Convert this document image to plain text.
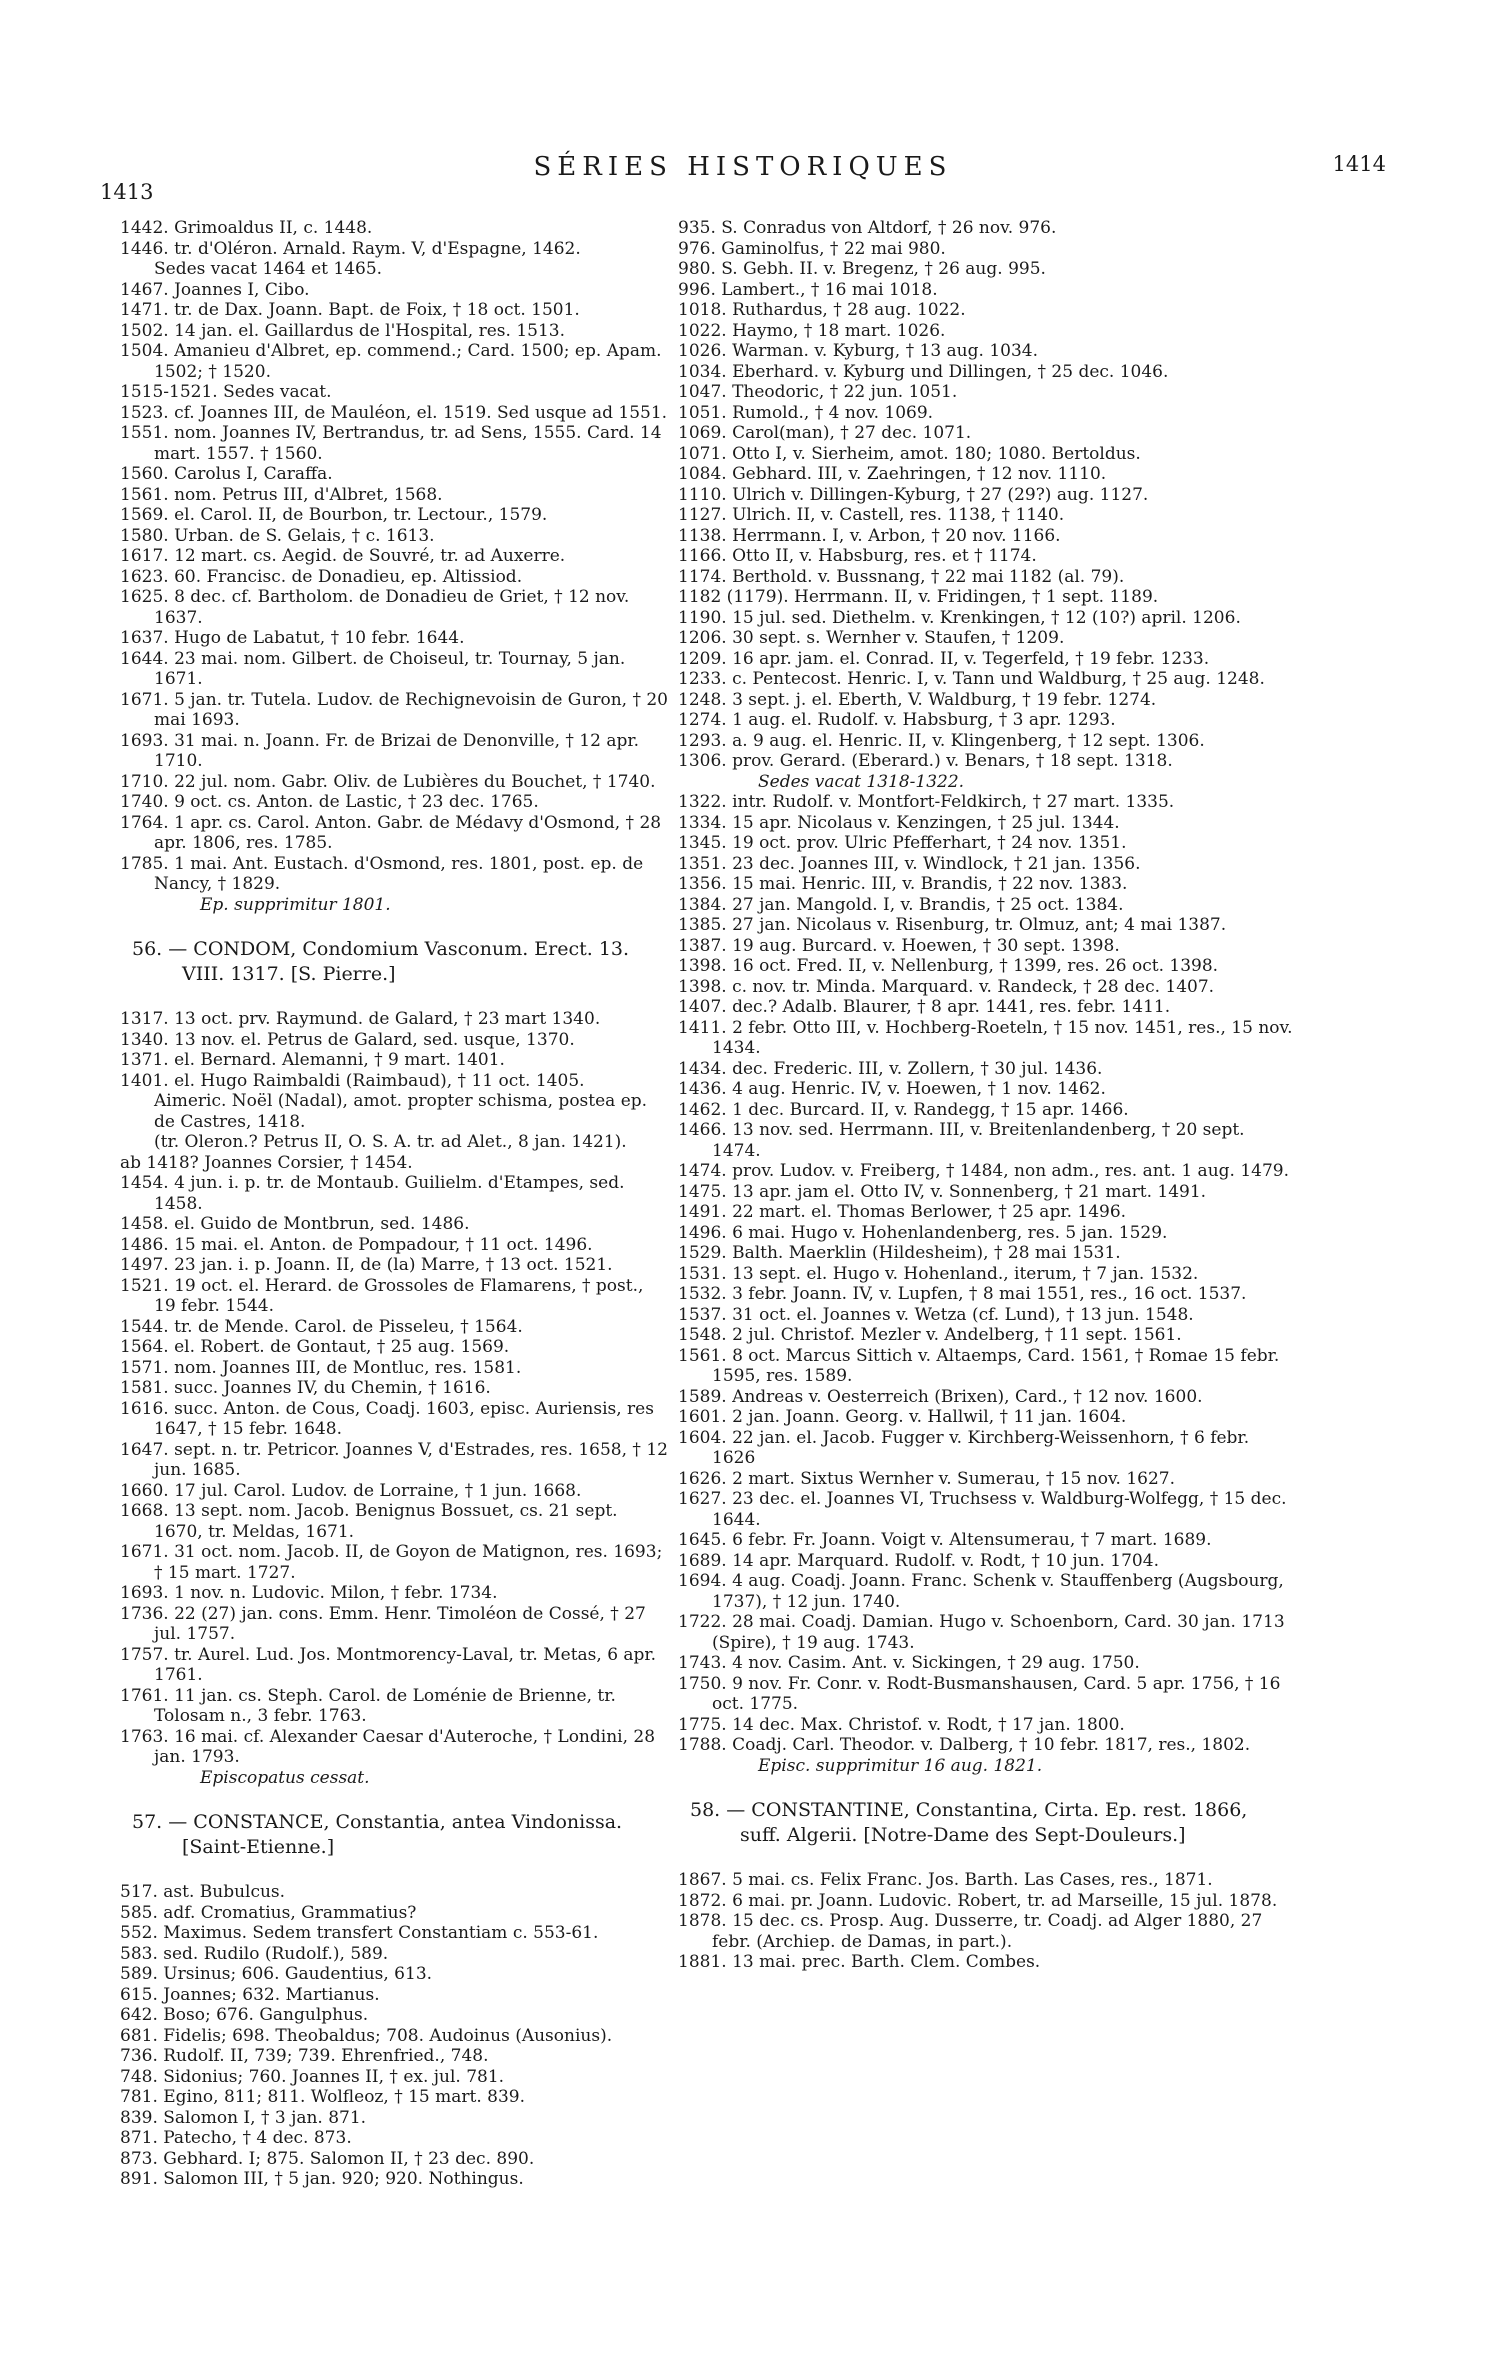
1413
SÉRIES HISTORIQUES	1414

1442. Grimoaldus II, c. 1448.

1446. tr. d'Oléron. Arnald. Raym. V, d'Espagne, 1462.

Sedes vacat 1464 et 1465.

1467. Joannes I, Cibo.

1471. tr. de Dax. Joann. Bapt. de Foix, † 18 oct. 1501.

1502. 14 jan. el. Gaillardus de l'Hospital, res. 1513.

1504. Amanieu d'Albret, ep. commend.; Card. 1500; ep. Apam. 1502; † 1520.

1515-1521. Sedes vacat.

1523. cf. Joannes III, de Mauléon, el. 1519. Sed usque ad 1551.

1551. nom. Joannes IV, Bertrandus, tr. ad Sens, 1555. Card. 14 mart. 1557. † 1560.

1560. Carolus I, Caraffa.

1561. nom. Petrus III, d'Albret, 1568.

1569. el. Carol. II, de Bourbon, tr. Lectour., 1579.

1580. Urban. de S. Gelais, † c. 1613.

1617. 12 mart. cs. Aegid. de Souvré, tr. ad Auxerre.

1623. 60. Francisc. de Donadieu, ep. Altissiod.

1625. 8 dec. cf. Bartholom. de Donadieu de Griet, † 12 nov. 1637.

1637. Hugo de Labatut, † 10 febr. 1644.

1644. 23 mai. nom. Gilbert. de Choiseul, tr. Tournay, 5 jan. 1671.

1671. 5 jan. tr. Tutela. Ludov. de Rechignevoisin de Guron, † 20 mai 1693.

1693. 31 mai. n. Joann. Fr. de Brizai de Denonville, † 12 apr. 1710.

1710. 22 jul. nom. Gabr. Oliv. de Lubières du Bouchet, † 1740.

1740. 9 oct. cs. Anton. de Lastic, † 23 dec. 1765.

1764. 1 apr. cs. Carol. Anton. Gabr. de Médavy d'Osmond, † 28 apr. 1806, res. 1785.

1785. 1 mai. Ant. Eustach. d'Osmond, res. 1801, post. ep. de Nancy, † 1829.

Ep. supprimitur 1801.

56. — CONDOM, Condomium Vasconum. Erect. 13. VIII. 1317. [S. Pierre.]

1317. 13 oct. prv. Raymund. de Galard, † 23 mart 1340.

1340. 13 nov. el. Petrus de Galard, sed. usque, 1370.

1371. el. Bernard. Alemanni, † 9 mart. 1401.

1401. el. Hugo Raimbaldi (Raimbaud), † 11 oct. 1405.

Aimeric. Noël (Nadal), amot. propter schisma, postea ep. de Castres, 1418.

(tr. Oleron.? Petrus II, O. S. A. tr. ad Alet., 8 jan. 1421).

ab 1418? Joannes Corsier, † 1454.

1454. 4 jun. i. p. tr. de Montaub. Guilielm. d'Etampes, sed. 1458.

1458. el. Guido de Montbrun, sed. 1486.

1486. 15 mai. el. Anton. de Pompadour, † 11 oct. 1496.

1497. 23 jan. i. p. Joann. II, de (la) Marre, † 13 oct. 1521.

1521. 19 oct. el. Herard. de Grossoles de Flamarens, † post., 19 febr. 1544.

1544. tr. de Mende. Carol. de Pisseleu, † 1564.

1564. el. Robert. de Gontaut, † 25 aug. 1569.

1571. nom. Joannes III, de Montluc, res. 1581.

1581. succ. Joannes IV, du Chemin, † 1616.

1616. succ. Anton. de Cous, Coadj. 1603, episc. Auriensis, res 1647, † 15 febr. 1648.

1647. sept. n. tr. Petricor. Joannes V, d'Estrades, res. 1658, † 12 jun. 1685.

1660. 17 jul. Carol. Ludov. de Lorraine, † 1 jun. 1668.

1668. 13 sept. nom. Jacob. Benignus Bossuet, cs. 21 sept. 1670, tr. Meldas, 1671.

1671. 31 oct. nom. Jacob. II, de Goyon de Matignon, res. 1693; † 15 mart. 1727.

1693. 1 nov. n. Ludovic. Milon, † febr. 1734.

1736. 22 (27) jan. cons. Emm. Henr. Timoléon de Cossé, † 27 jul. 1757.

1757. tr. Aurel. Lud. Jos. Montmorency-Laval, tr. Metas, 6 apr. 1761.

1761. 11 jan. cs. Steph. Carol. de Loménie de Brienne, tr. Tolosam n., 3 febr. 1763.

1763. 16 mai. cf. Alexander Caesar d'Auteroche, † Londini, 28 jan. 1793.

Episcopatus cessat.

57. — CONSTANCE, Constantia, antea Vindonissa. [Saint-Etienne.]

517. ast. Bubulcus.

585. adf. Cromatius, Grammatius?

552. Maximus. Sedem transfert Constantiam c. 553-61.

583. sed. Rudilo (Rudolf.), 589.

589. Ursinus; 606. Gaudentius, 613.

615. Joannes; 632. Martianus.

642. Boso; 676. Gangulphus.

681. Fidelis; 698. Theobaldus; 708. Audoinus (Ausonius).

736. Rudolf. II, 739; 739. Ehrenfried., 748.

748. Sidonius; 760. Joannes II, † ex. jul. 781.

781. Egino, 811; 811. Wolfleoz, † 15 mart. 839.

839. Salomon I, † 3 jan. 871.

871. Patecho, † 4 dec. 873.

873. Gebhard. I; 875. Salomon II, † 23 dec. 890.

891. Salomon III, † 5 jan. 920; 920. Nothingus.

935. S. Conradus von Altdorf, † 26 nov. 976.

976. Gaminolfus, † 22 mai 980.

980. S. Gebh. II. v. Bregenz, † 26 aug. 995.

996. Lambert., † 16 mai 1018.

1018. Ruthardus, † 28 aug. 1022.

1022. Haymo, † 18 mart. 1026.

1026. Warman. v. Kyburg, † 13 aug. 1034.

1034. Eberhard. v. Kyburg und Dillingen, † 25 dec. 1046.

1047. Theodoric, † 22 jun. 1051.

1051. Rumold., † 4 nov. 1069.

1069. Carol(man), † 27 dec. 1071.

1071. Otto I, v. Sierheim, amot. 180; 1080. Bertoldus.

1084. Gebhard. III, v. Zaehringen, † 12 nov. 1110.

1110. Ulrich v. Dillingen-Kyburg, † 27 (29?) aug. 1127.

1127. Ulrich. II, v. Castell, res. 1138, † 1140.

1138. Herrmann. I, v. Arbon, † 20 nov. 1166.

1166. Otto II, v. Habsburg, res. et † 1174.

1174. Berthold. v. Bussnang, † 22 mai 1182 (al. 79).

1182 (1179). Herrmann. II, v. Fridingen, † 1 sept. 1189.

1190. 15 jul. sed. Diethelm. v. Krenkingen, † 12 (10?) april. 1206.

1206. 30 sept. s. Wernher v. Staufen, † 1209.

1209. 16 apr. jam. el. Conrad. II, v. Tegerfeld, † 19 febr. 1233.

1233. c. Pentecost. Henric. I, v. Tann und Waldburg, † 25 aug. 1248.

1248. 3 sept. j. el. Eberth, V. Waldburg, † 19 febr. 1274.

1274. 1 aug. el. Rudolf. v. Habsburg, † 3 apr. 1293.

1293. a. 9 aug. el. Henric. II, v. Klingenberg, † 12 sept. 1306.

1306. prov. Gerard. (Eberard.) v. Benars, † 18 sept. 1318.

Sedes vacat 1318-1322.

1322. intr. Rudolf. v. Montfort-Feldkirch, † 27 mart. 1335.

1334. 15 apr. Nicolaus v. Kenzingen, † 25 jul. 1344.

1345. 19 oct. prov. Ulric Pfefferhart, † 24 nov. 1351.

1351. 23 dec. Joannes III, v. Windlock, † 21 jan. 1356.

1356. 15 mai. Henric. III, v. Brandis, † 22 nov. 1383.

1384. 27 jan. Mangold. I, v. Brandis, † 25 oct. 1384.

1385. 27 jan. Nicolaus v. Risenburg, tr. Olmuz, ant; 4 mai 1387.

1387. 19 aug. Burcard. v. Hoewen, † 30 sept. 1398.

1398. 16 oct. Fred. II, v. Nellenburg, † 1399, res. 26 oct. 1398.

1398. c. nov. tr. Minda. Marquard. v. Randeck, † 28 dec. 1407.

1407. dec.? Adalb. Blaurer, † 8 apr. 1441, res. febr. 1411.

1411. 2 febr. Otto III, v. Hochberg-Roeteln, † 15 nov. 1451, res., 15 nov. 1434.

1434. dec. Frederic. III, v. Zollern, † 30 jul. 1436.

1436. 4 aug. Henric. IV, v. Hoewen, † 1 nov. 1462.

1462. 1 dec. Burcard. II, v. Randegg, † 15 apr. 1466.

1466. 13 nov. sed. Herrmann. III, v. Breitenlandenberg, † 20 sept. 1474.

1474. prov. Ludov. v. Freiberg, † 1484, non adm., res. ant. 1 aug. 1479.

1475. 13 apr. jam el. Otto IV, v. Sonnenberg, † 21 mart. 1491.

1491. 22 mart. el. Thomas Berlower, † 25 apr. 1496.

1496. 6 mai. Hugo v. Hohenlandenberg, res. 5 jan. 1529.

1529. Balth. Maerklin (Hildesheim), † 28 mai 1531.

1531. 13 sept. el. Hugo v. Hohenland., iterum, † 7 jan. 1532.

1532. 3 febr. Joann. IV, v. Lupfen, † 8 mai 1551, res., 16 oct. 1537.

1537. 31 oct. el. Joannes v. Wetza (cf. Lund), † 13 jun. 1548.

1548. 2 jul. Christof. Mezler v. Andelberg, † 11 sept. 1561.

1561. 8 oct. Marcus Sittich v. Altaemps, Card. 1561, † Romae 15 febr. 1595, res. 1589.

1589. Andreas v. Oesterreich (Brixen), Card., † 12 nov. 1600.

1601. 2 jan. Joann. Georg. v. Hallwil, † 11 jan. 1604.

1604. 22 jan. el. Jacob. Fugger v. Kirchberg-Weissenhorn, † 6 febr. 1626

1626. 2 mart. Sixtus Wernher v. Sumerau, † 15 nov. 1627.

1627. 23 dec. el. Joannes VI, Truchsess v. Waldburg-Wolfegg, † 15 dec. 1644.

1645. 6 febr. Fr. Joann. Voigt v. Altensumerau, † 7 mart. 1689.

1689. 14 apr. Marquard. Rudolf. v. Rodt, † 10 jun. 1704.

1694. 4 aug. Coadj. Joann. Franc. Schenk v. Stauffenberg (Augsbourg, 1737), † 12 jun. 1740.

1722. 28 mai. Coadj. Damian. Hugo v. Schoenborn, Card. 30 jan. 1713 (Spire), † 19 aug. 1743.

1743. 4 nov. Casim. Ant. v. Sickingen, † 29 aug. 1750.

1750. 9 nov. Fr. Conr. v. Rodt-Busmanshausen, Card. 5 apr. 1756, † 16 oct. 1775.

1775. 14 dec. Max. Christof. v. Rodt, † 17 jan. 1800.

1788. Coadj. Carl. Theodor. v. Dalberg, † 10 febr. 1817, res., 1802.

Episc. supprimitur 16 aug. 1821.

58. — CONSTANTINE, Constantina, Cirta. Ep. rest. 1866, suff. Algerii. [Notre-Dame des Sept-Douleurs.]

1867. 5 mai. cs. Felix Franc. Jos. Barth. Las Cases, res., 1871.

1872. 6 mai. pr. Joann. Ludovic. Robert, tr. ad Marseille, 15 jul. 1878.

1878. 15 dec. cs. Prosp. Aug. Dusserre, tr. Coadj. ad Alger 1880, 27 febr. (Archiep. de Damas, in part.).

1881. 13 mai. prec. Barth. Clem. Combes.
